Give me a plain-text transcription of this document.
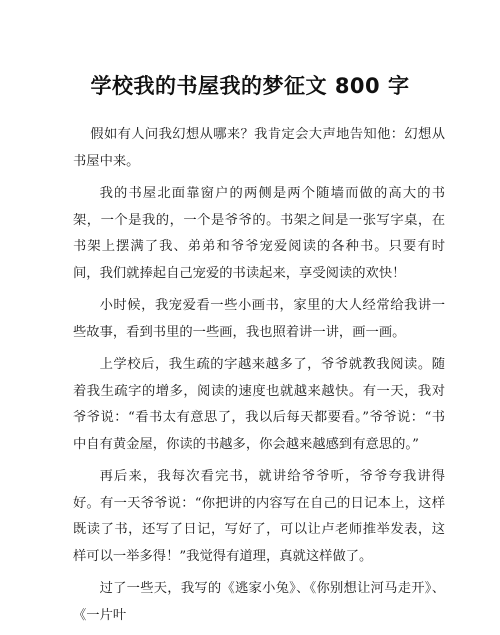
学校我的书屋我的梦征文 800 字

假如有人问我幻想从哪来？我肯定会大声地告知他：幻想从书屋中来。

我的书屋北面靠窗户的两侧是两个随墙而做的高大的书架，一个是我的，一个是爷爷的。书架之间是一张写字桌，在书架上摆满了我、弟弟和爷爷宠爱阅读的各种书。只要有时间，我们就捧起自己宠爱的书读起来，享受阅读的欢快！

小时候，我宠爱看一些小画书，家里的大人经常给我讲一些故事，看到书里的一些画，我也照着讲一讲，画一画。

上学校后，我生疏的字越来越多了，爷爷就教我阅读。随着我生疏字的增多，阅读的速度也就越来越快。有一天，我对爷爷说：“看书太有意思了，我以后每天都要看。”爷爷说：“书中自有黄金屋，你读的书越多，你会越来越感到有意思的。”

再后来，我每次看完书，就讲给爷爷听，爷爷夸我讲得好。有一天爷爷说：“你把讲的内容写在自己的日记本上，这样既读了书，还写了日记，写好了，可以让卢老师推举发表，这样可以一举多得！”我觉得有道理，真就这样做了。

过了一些天，我写的《逃家小兔》、《你别想让河马走开》、《一片叶
